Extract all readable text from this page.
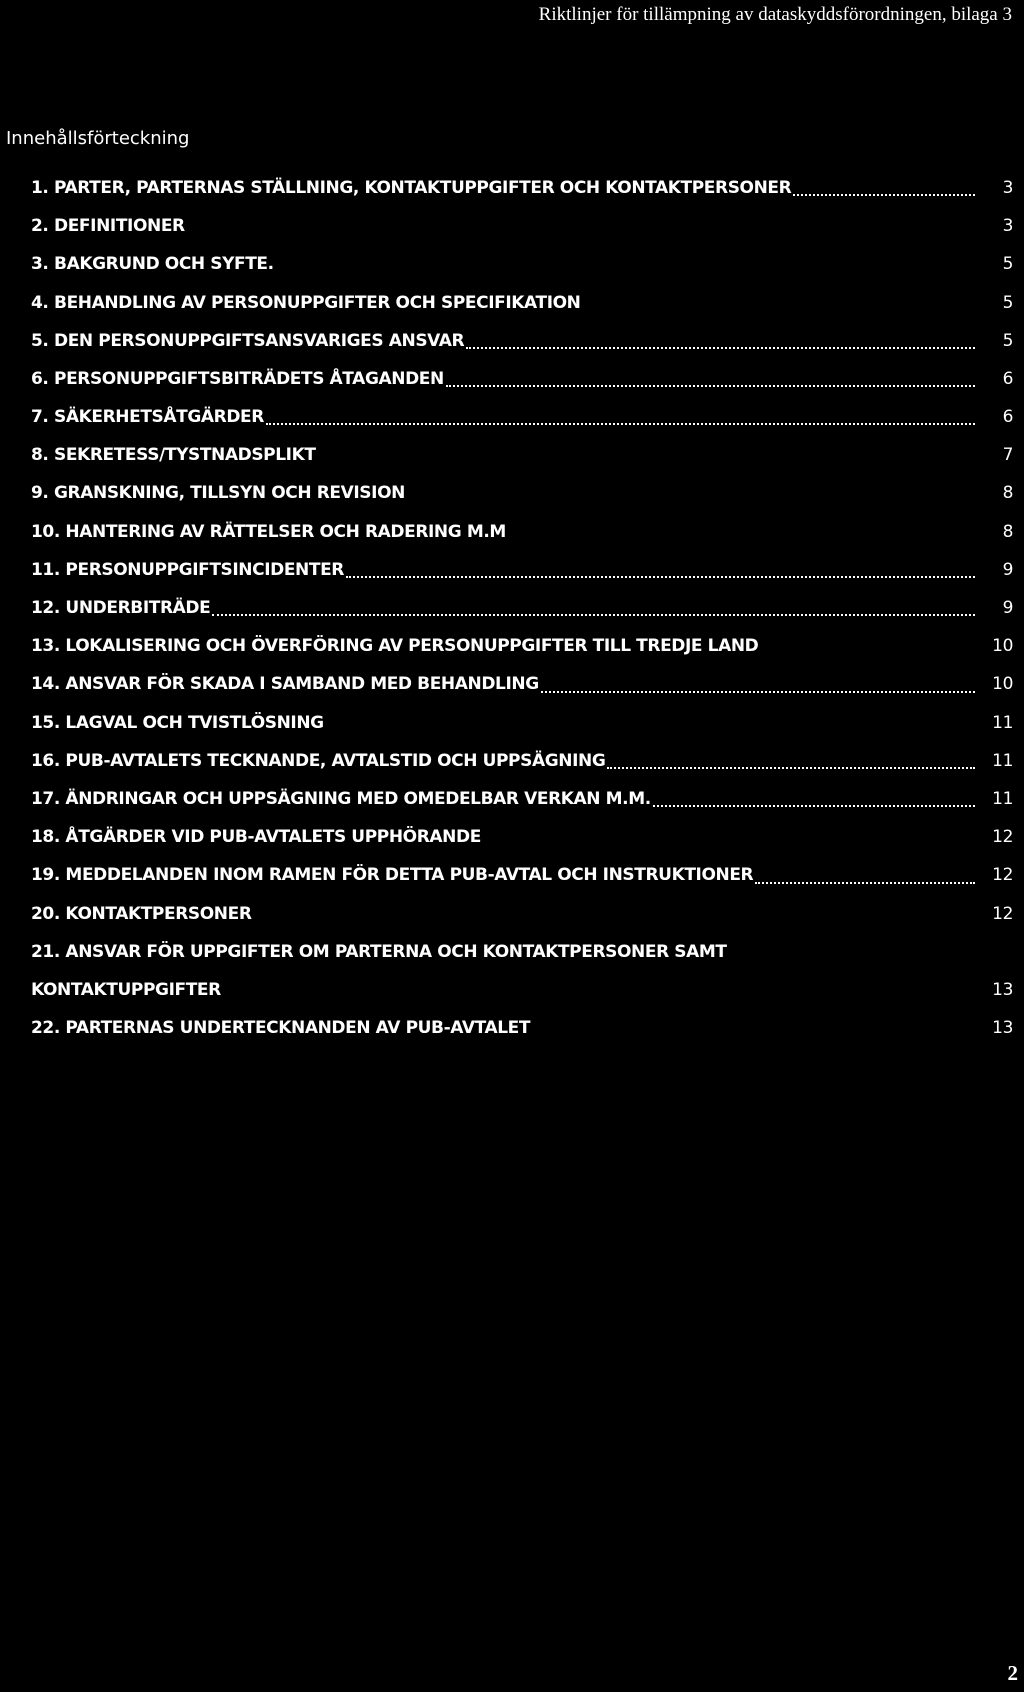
Riktlinjer för tillämpning av dataskyddsförordningen, bilaga 3
Innehållsförteckning
1. PARTER, PARTERNAS STÄLLNING, KONTAKTUPPGIFTER OCH KONTAKTPERSONER	3
2. DEFINITIONER	3
3. BAKGRUND OCH SYFTE.	5
4. BEHANDLING AV PERSONUPPGIFTER OCH SPECIFIKATION	5
5. DEN PERSONUPPGIFTSANSVARIGES ANSVAR	5
6. PERSONUPPGIFTSBITRÄDETS ÅTAGANDEN	6
7. SÄKERHETSÅTGÄRDER	6
8. SEKRETESS/TYSTNADSPLIKT	7
9. GRANSKNING, TILLSYN OCH REVISION	8
10. HANTERING AV RÄTTELSER OCH RADERING M.M	8
11. PERSONUPPGIFTSINCIDENTER	9
12. UNDERBITRÄDE	9
13. LOKALISERING OCH ÖVERFÖRING AV PERSONUPPGIFTER TILL TREDJE LAND	10
14. ANSVAR FÖR SKADA I SAMBAND MED BEHANDLING	10
15. LAGVAL OCH TVISTLÖSNING	11
16. PUB-AVTALETS TECKNANDE, AVTALSTID OCH UPPSÄGNING	11
17. ÄNDRINGAR OCH UPPSÄGNING MED OMEDELBAR VERKAN M.M.	11
18. ÅTGÄRDER VID PUB-AVTALETS UPPHÖRANDE	12
19. MEDDELANDEN INOM RAMEN FÖR DETTA PUB-AVTAL OCH INSTRUKTIONER	12
20. KONTAKTPERSONER	12
21. ANSVAR FÖR UPPGIFTER OM PARTERNA OCH KONTAKTPERSONER SAMT KONTAKTUPPGIFTER	13
22. PARTERNAS UNDERTECKNANDEN AV PUB-AVTALET	13
2
